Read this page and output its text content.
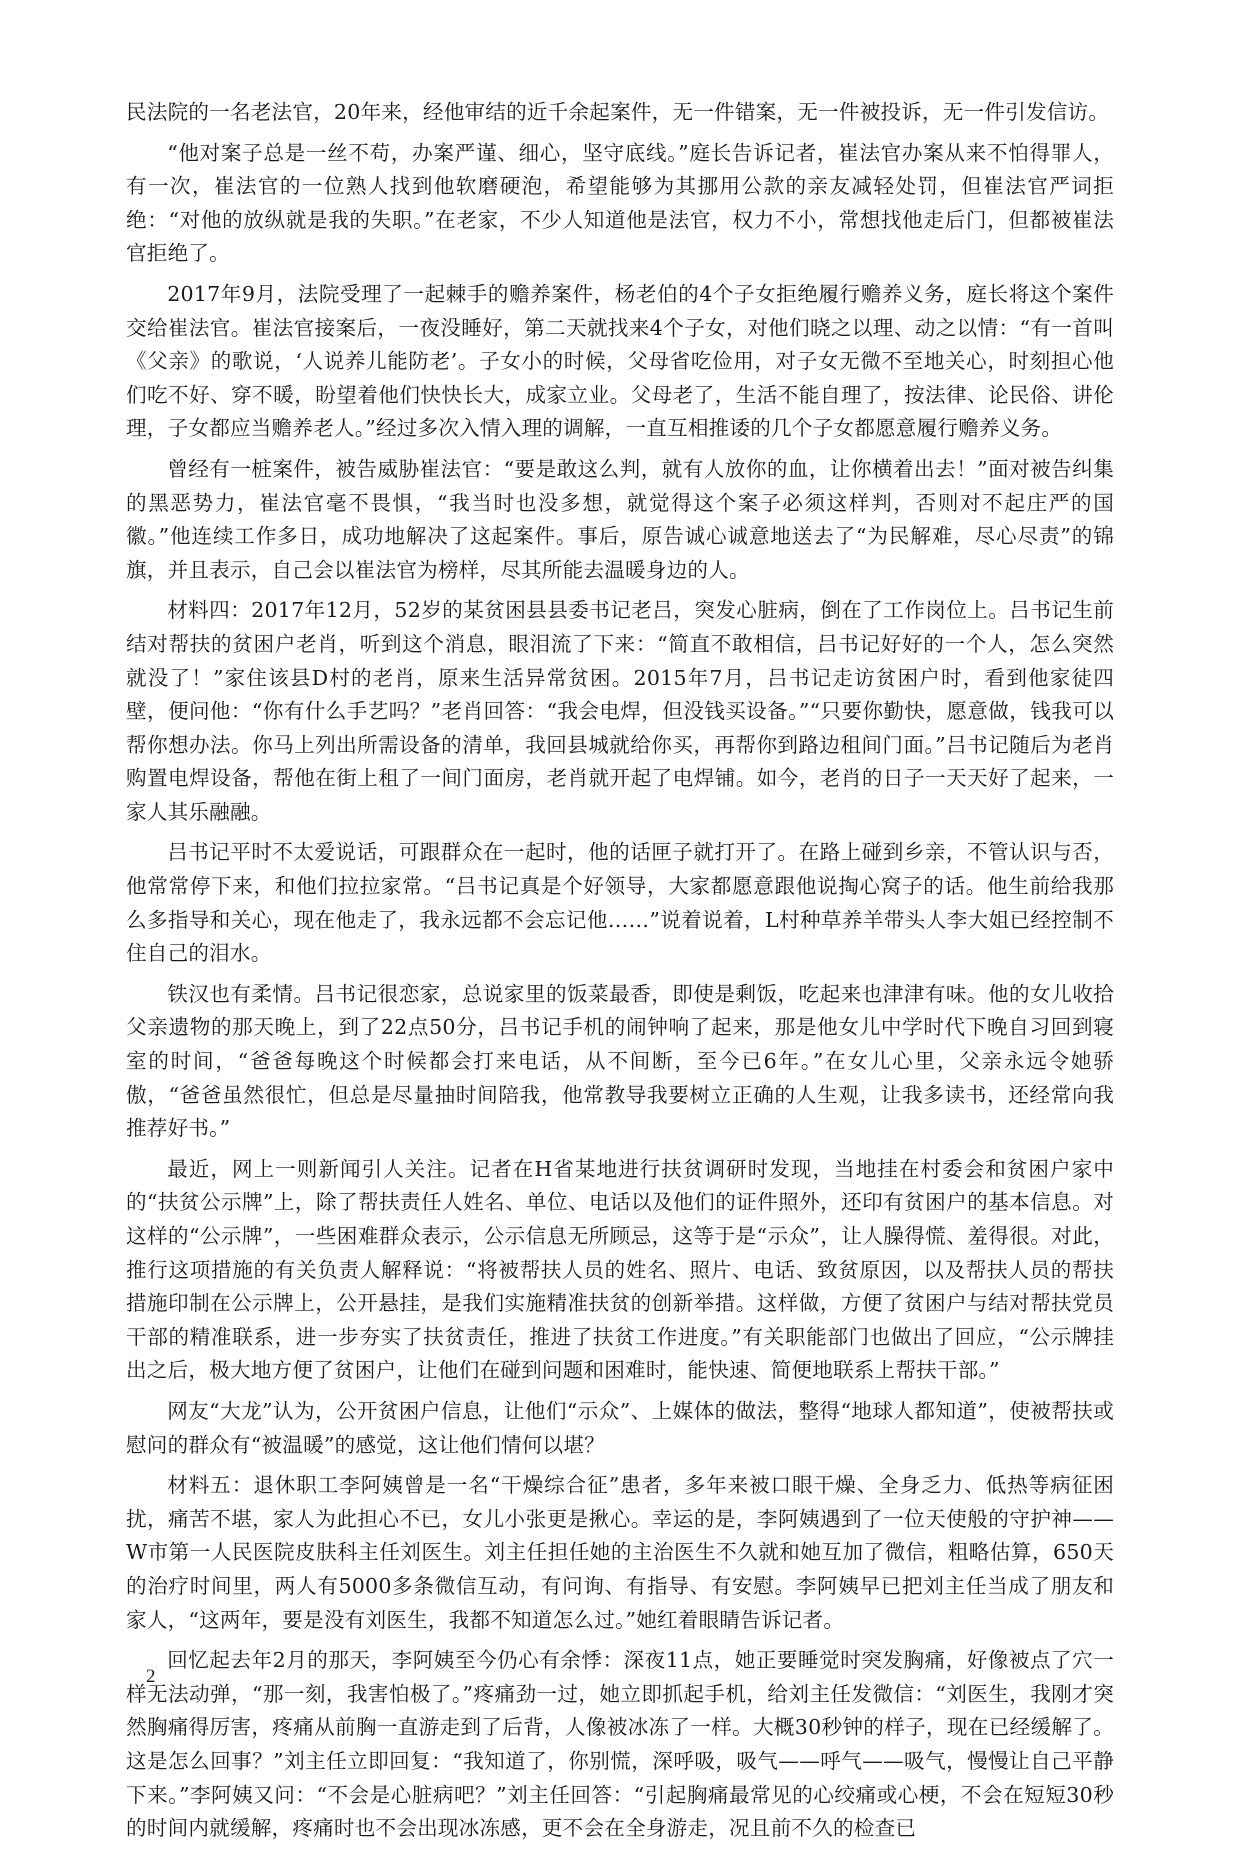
民法院的一名老法官，20年来，经他审结的近千余起案件，无一件错案，无一件被投诉，无一件引发信访。

“他对案子总是一丝不苟，办案严谨、细心，坚守底线。”庭长告诉记者，崔法官办案从来不怕得罪人，有一次，崔法官的一位熟人找到他软磨硬泡，希望能够为其挪用公款的亲友减轻处罚，但崔法官严词拒绝：“对他的放纵就是我的失职。”在老家，不少人知道他是法官，权力不小，常想找他走后门，但都被崔法官拒绝了。

2017年9月，法院受理了一起棘手的赡养案件，杨老伯的4个子女拒绝履行赡养义务，庭长将这个案件交给崔法官。崔法官接案后，一夜没睡好，第二天就找来4个子女，对他们晓之以理、动之以情：“有一首叫《父亲》的歌说，‘人说养儿能防老’。子女小的时候，父母省吃俭用，对子女无微不至地关心，时刻担心他们吃不好、穿不暖，盼望着他们快快长大，成家立业。父母老了，生活不能自理了，按法律、论民俗、讲伦理，子女都应当赡养老人。”经过多次入情入理的调解，一直互相推诿的几个子女都愿意履行赡养义务。

曾经有一桩案件，被告威胁崔法官：“要是敢这么判，就有人放你的血，让你横着出去！”面对被告纠集的黑恶势力，崔法官毫不畏惧，“我当时也没多想，就觉得这个案子必须这样判，否则对不起庄严的国徽。”他连续工作多日，成功地解决了这起案件。事后，原告诚心诚意地送去了“为民解难，尽心尽责”的锦旗，并且表示，自己会以崔法官为榜样，尽其所能去温暖身边的人。

材料四：2017年12月，52岁的某贫困县县委书记老吕，突发心脏病，倒在了工作岗位上。吕书记生前结对帮扶的贫困户老肖，听到这个消息，眼泪流了下来：“简直不敢相信，吕书记好好的一个人，怎么突然就没了！”家住该县D村的老肖，原来生活异常贫困。2015年7月，吕书记走访贫困户时，看到他家徒四壁，便问他：“你有什么手艺吗？”老肖回答：“我会电焊，但没钱买设备。”“只要你勤快，愿意做，钱我可以帮你想办法。你马上列出所需设备的清单，我回县城就给你买，再帮你到路边租间门面。”吕书记随后为老肖购置电焊设备，帮他在街上租了一间门面房，老肖就开起了电焊铺。如今，老肖的日子一天天好了起来，一家人其乐融融。

吕书记平时不太爱说话，可跟群众在一起时，他的话匣子就打开了。在路上碰到乡亲，不管认识与否，他常常停下来，和他们拉拉家常。“吕书记真是个好领导，大家都愿意跟他说掏心窝子的话。他生前给我那么多指导和关心，现在他走了，我永远都不会忘记他……”说着说着，L村种草养羊带头人李大姐已经控制不住自己的泪水。

铁汉也有柔情。吕书记很恋家，总说家里的饭菜最香，即使是剩饭，吃起来也津津有味。他的女儿收拾父亲遗物的那天晚上，到了22点50分，吕书记手机的闹钟响了起来，那是他女儿中学时代下晚自习回到寝室的时间，“爸爸每晚这个时候都会打来电话，从不间断，至今已6年。”在女儿心里，父亲永远令她骄傲，“爸爸虽然很忙，但总是尽量抽时间陪我，他常教导我要树立正确的人生观，让我多读书，还经常向我推荐好书。”

最近，网上一则新闻引人关注。记者在H省某地进行扶贫调研时发现，当地挂在村委会和贫困户家中的“扶贫公示牌”上，除了帮扶责任人姓名、单位、电话以及他们的证件照外，还印有贫困户的基本信息。对这样的“公示牌”，一些困难群众表示，公示信息无所顾忌，这等于是“示众”，让人臊得慌、羞得很。对此，推行这项措施的有关负责人解释说：“将被帮扶人员的姓名、照片、电话、致贫原因，以及帮扶人员的帮扶措施印制在公示牌上，公开悬挂，是我们实施精准扶贫的创新举措。这样做，方便了贫困户与结对帮扶党员干部的精准联系，进一步夯实了扶贫责任，推进了扶贫工作进度。”有关职能部门也做出了回应，“公示牌挂出之后，极大地方便了贫困户，让他们在碰到问题和困难时，能快速、简便地联系上帮扶干部。”

网友“大龙”认为，公开贫困户信息，让他们“示众”、上媒体的做法，整得“地球人都知道”，使被帮扶或慰问的群众有“被温暖”的感觉，这让他们情何以堪？

材料五：退休职工李阿姨曾是一名“干燥综合征”患者，多年来被口眼干燥、全身乏力、低热等病征困扰，痛苦不堪，家人为此担心不已，女儿小张更是揪心。幸运的是，李阿姨遇到了一位天使般的守护神——W市第一人民医院皮肤科主任刘医生。刘主任担任她的主治医生不久就和她互加了微信，粗略估算，650天的治疗时间里，两人有5000多条微信互动，有问询、有指导、有安慰。李阿姨早已把刘主任当成了朋友和家人，“这两年，要是没有刘医生，我都不知道怎么过。”她红着眼睛告诉记者。

回忆起去年2月的那天，李阿姨至今仍心有余悸：深夜11点，她正要睡觉时突发胸痛，好像被点了穴一样无法动弹，“那一刻，我害怕极了。”疼痛劲一过，她立即抓起手机，给刘主任发微信：“刘医生，我刚才突然胸痛得厉害，疼痛从前胸一直游走到了后背，人像被冰冻了一样。大概30秒钟的样子，现在已经缓解了。这是怎么回事？”刘主任立即回复：“我知道了，你别慌，深呼吸，吸气——呼气——吸气，慢慢让自己平静下来。”李阿姨又问：“不会是心脏病吧？”刘主任回答：“引起胸痛最常见的心绞痛或心梗，不会在短短30秒的时间内就缓解，疼痛时也不会出现冰冻感，更不会在全身游走，况且前不久的检查已

2
